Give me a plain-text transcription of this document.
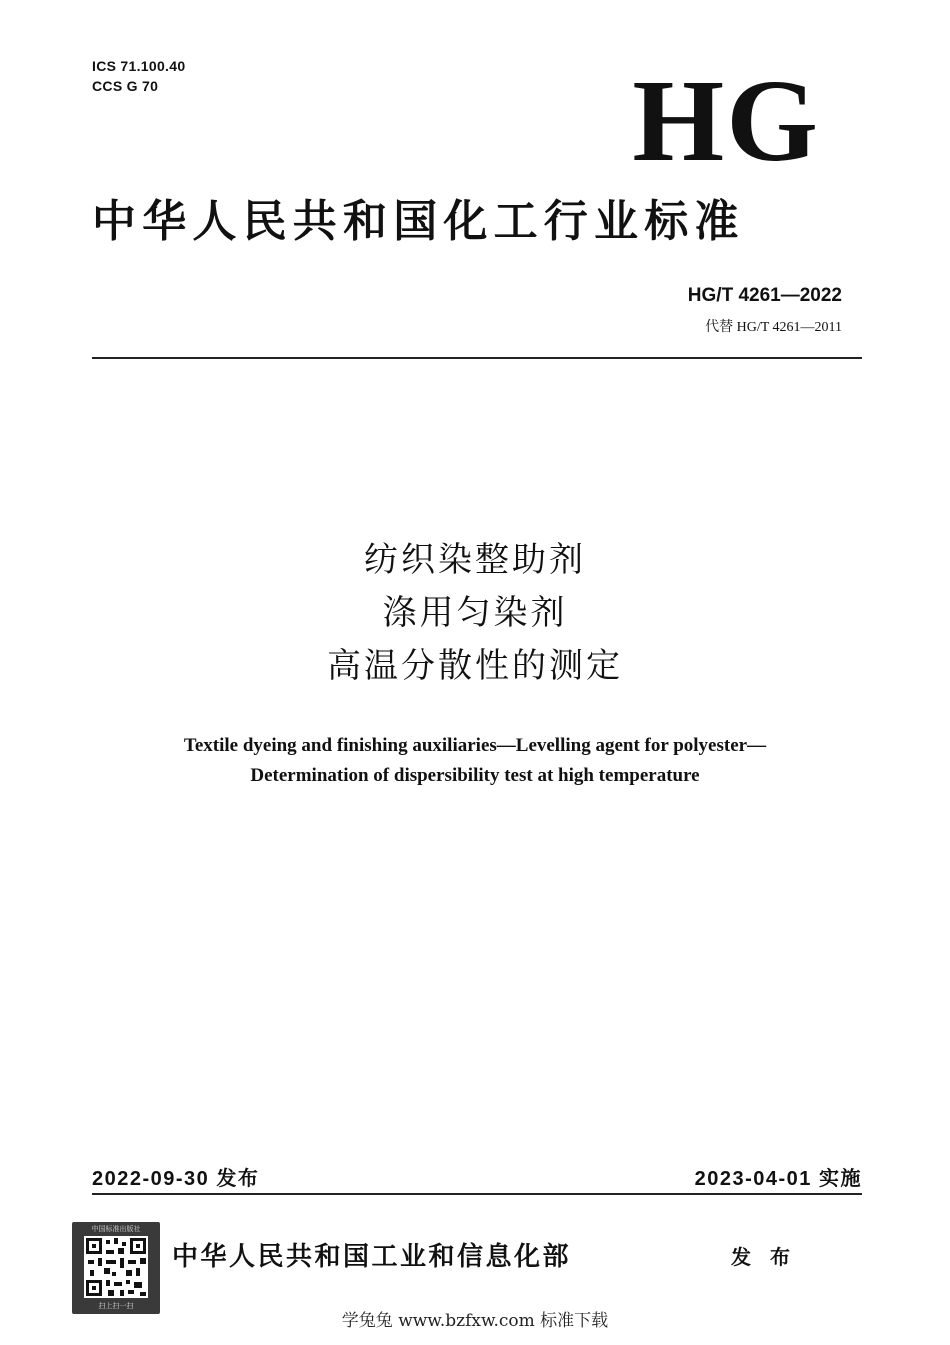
ICS 71.100.40
CCS G 70	HG
中华人民共和国化工行业标准
HG/T 4261—2022
代替 HG/T 4261—2011
纺织染整助剂
涤用匀染剂
高温分散性的测定
Textile dyeing and finishing auxiliaries—Levelling agent for polyester—
Determination of dispersibility test at high temperature
2022-09-30 发布	2023-04-01 实施
中国标准出版社
扫上扫一扫
中华人民共和国工业和信息化部	发 布
学兔兔 www.bzfxw.com 标准下载
